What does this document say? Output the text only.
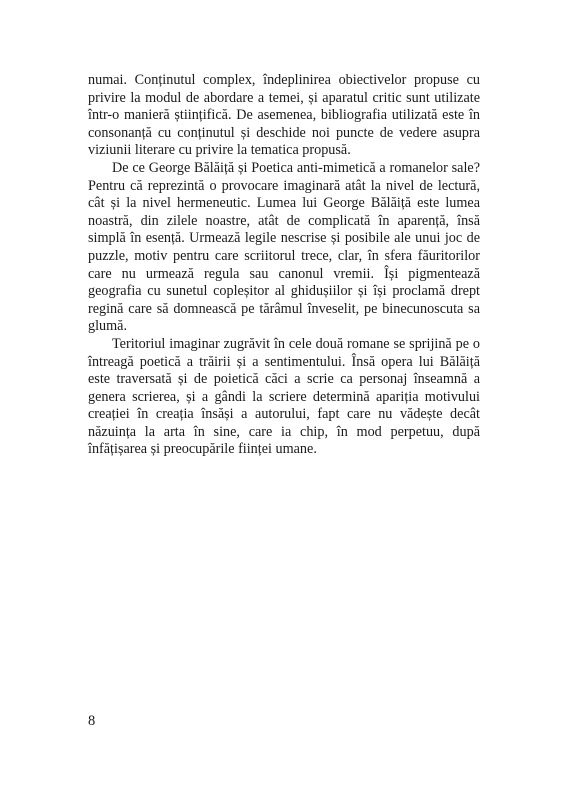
numai. Conținutul complex, îndeplinirea obiectivelor propuse cu privire la modul de abordare a temei, și aparatul critic sunt utilizate într-o manieră științifică. De asemenea, bibliografia utilizată este în consonanță cu conținutul și deschide noi puncte de vedere asupra viziunii literare cu privire la tematica propusă.

De ce George Bălăiță și Poetica anti-mimetică a romanelor sale? Pentru că reprezintă o provocare imaginară atât la nivel de lectură, cât și la nivel hermeneutic. Lumea lui George Bălăiță este lumea noastră, din zilele noastre, atât de complicată în aparență, însă simplă în esență. Urmează legile nescrise și posibile ale unui joc de puzzle, motiv pentru care scriitorul trece, clar, în sfera făuritorilor care nu urmează regula sau canonul vremii. Își pigmentează geografia cu sunetul copleșitor al ghidușiilor și își proclamă drept regină care să domnească pe tărâmul înveselit, pe binecunoscuta sa glumă.

Teritoriul imaginar zugrăvit în cele două romane se sprijină pe o întreagă poetică a trăirii și a sentimentului. Însă opera lui Bălăiță este traversată și de poietică căci a scrie ca personaj înseamnă a genera scrierea, și a gândi la scriere determină apariția motivului creației în creația însăși a autorului, fapt care nu vădește decât năzuința la arta în sine, care ia chip, în mod perpetuu, după înfățișarea și preocupările ființei umane.

8
